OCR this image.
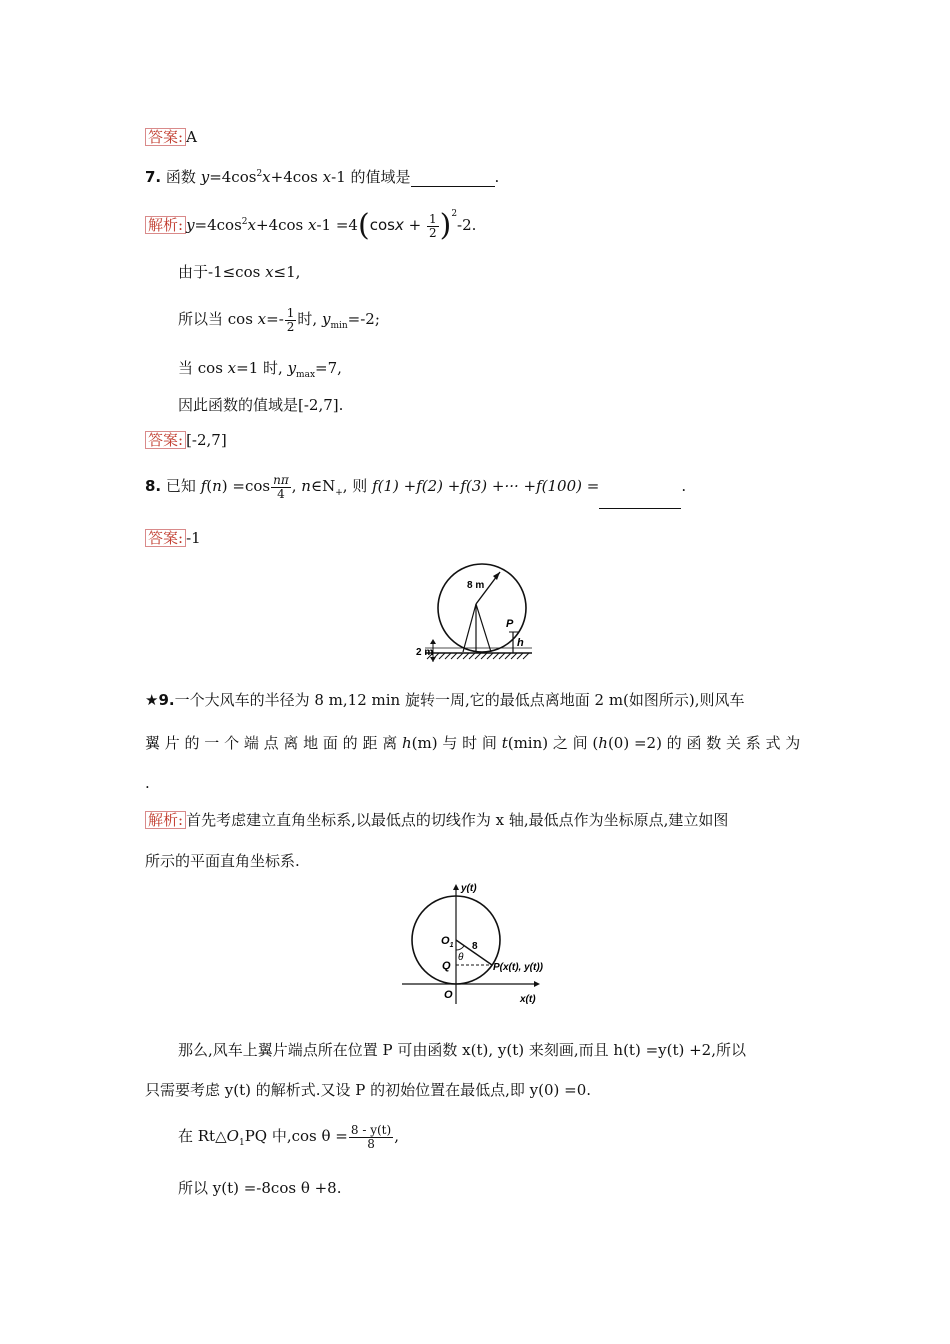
答案: A
7. 函数 $y=4\cos^2x+4\cos$ x-1 的值域是	.
解析: $y=4\cos^2x+4\cos$ $x-1 =4(\cos x + \frac{1}{2} )^2-2$.
由于-1≤cos x≤1,
所以当 $\cos x=- \frac{1}{2}$ 时, $y_{min}=-2$;
当 cos x=1 时, $y_{max}=7$,
因此函数的值域是[-2,7].
答案: [-2,7]
8. 已知 $f(n) =\cos \frac{n\pi}{4}$ , $n\in N_+$, 则 f(1) +f(2) +f(3) +··· +f(100) =	.
答案: -1
8 m
P
h
2 m
★9.一个大风车的半径为 8 m,12 min 旋转一周,它的最低点离地面 2 m(如图所示),则风车
翼 片 的 一 个 端 点 离 地 面 的 距 离 h(m) 与 时 间 t(min) 之 间 (h(0) =2) 的 函 数 关 系 式 为
.
解析: 首先考虑建立直角坐标系,以最低点的切线作为 x 轴,最低点作为坐标原点,建立如图
所示的平面直角坐标系.
y(t)
x(t)
$O_1$ 8
θ
Q	P(x(t), y(t))
O
那么,风车上翼片端点所在位置 P 可由函数 x(t), y(t) 来刻画,而且 h(t) =y(t) +2,所以
只需要考虑 y(t) 的解析式.又设 P 的初始位置在最低点,即 y(0) =0.
在 $Rt\triangle O_1PQ$ 中,cos $\theta = \frac{8 - y(t)}{8}$ ,
所以 y(t) =-8cos θ +8.
